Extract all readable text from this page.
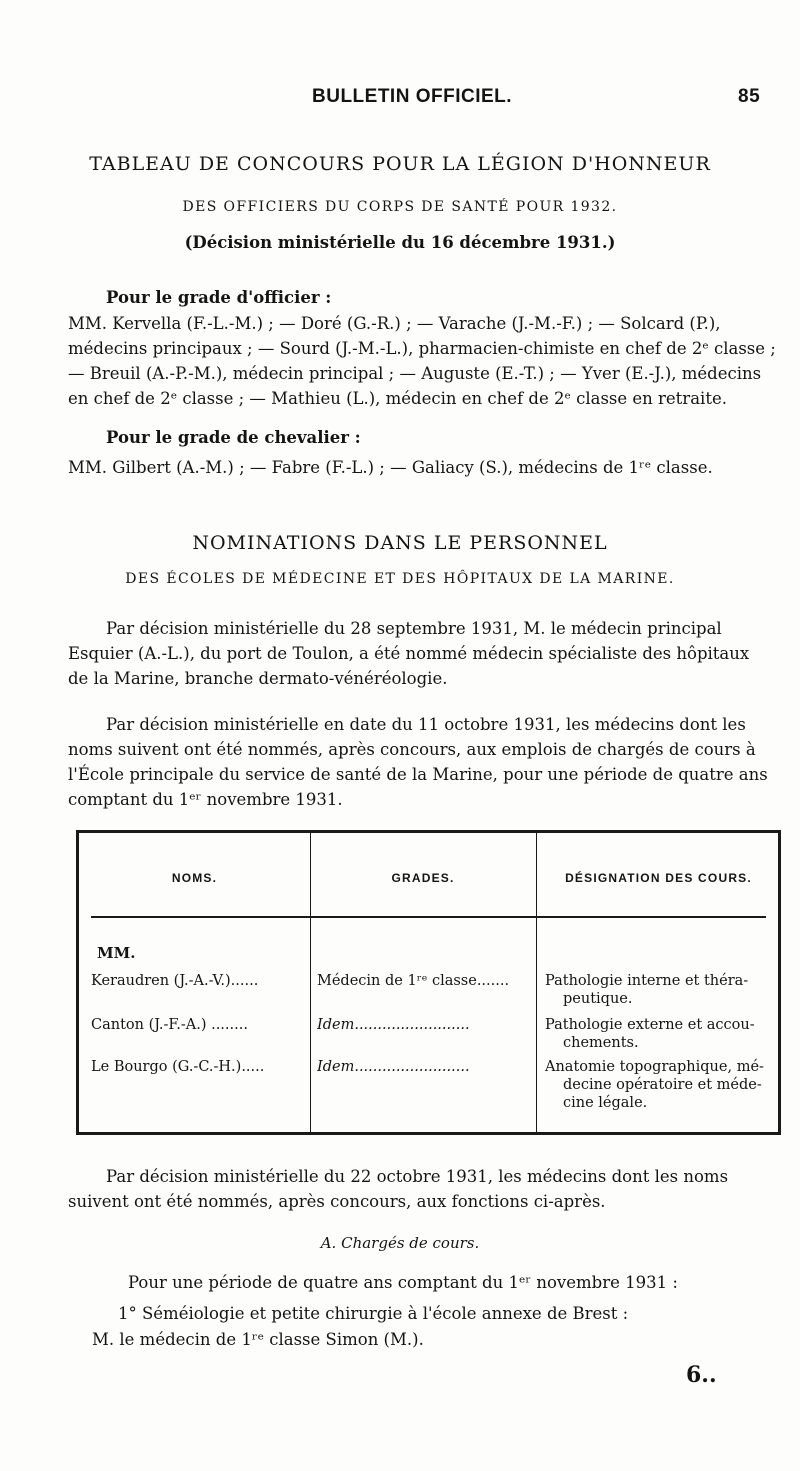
BULLETIN OFFICIEL.	85
TABLEAU DE CONCOURS POUR LA LÉGION D'HONNEUR
DES OFFICIERS DU CORPS DE SANTÉ POUR 1932.
(Décision ministérielle du 16 décembre 1931.)
Pour le grade d'officier :
MM. Kervella (F.-L.-M.) ; — Doré (G.-R.) ; — Varache (J.-M.-F.) ; — Solcard (P.),
médecins principaux ; — Sourd (J.-M.-L.), pharmacien-chimiste en chef de 2ᵉ classe ;
— Breuil (A.-P.-M.), médecin principal ; — Auguste (E.-T.) ; — Yver (E.-J.), médecins
en chef de 2ᵉ classe ; — Mathieu (L.), médecin en chef de 2ᵉ classe en retraite.
Pour le grade de chevalier :
MM. Gilbert (A.-M.) ; — Fabre (F.-L.) ; — Galiacy (S.), médecins de 1ʳᵉ classe.
NOMINATIONS DANS LE PERSONNEL
DES ÉCOLES DE MÉDECINE ET DES HÔPITAUX DE LA MARINE.
Par décision ministérielle du 28 septembre 1931, M. le médecin principal
Esquier (A.-L.), du port de Toulon, a été nommé médecin spécialiste des hôpitaux
de la Marine, branche dermato-vénéréologie.
Par décision ministérielle en date du 11 octobre 1931, les médecins dont les
noms suivent ont été nommés, après concours, aux emplois de chargés de cours à
l'École principale du service de santé de la Marine, pour une période de quatre ans
comptant du 1ᵉʳ novembre 1931.
NOMS.	GRADES.	DÉSIGNATION DES COURS.
MM.
Keraudren (J.-A.-V.)......	Médecin de 1ʳᵉ classe.......	Pathologie interne et théra-
peutique.
Canton (J.-F.-A.) ........	Idem.........................	Pathologie externe et accou-
chements.
Le Bourgo (G.-C.-H.).....	Idem.........................	Anatomie topographique, mé-
decine opératoire et méde-
cine légale.
Par décision ministérielle du 22 octobre 1931, les médecins dont les noms
suivent ont été nommés, après concours, aux fonctions ci-après.
A. Chargés de cours.
Pour une période de quatre ans comptant du 1ᵉʳ novembre 1931 :
1° Séméiologie et petite chirurgie à l'école annexe de Brest :
M. le médecin de 1ʳᵉ classe Simon (M.).
6..
